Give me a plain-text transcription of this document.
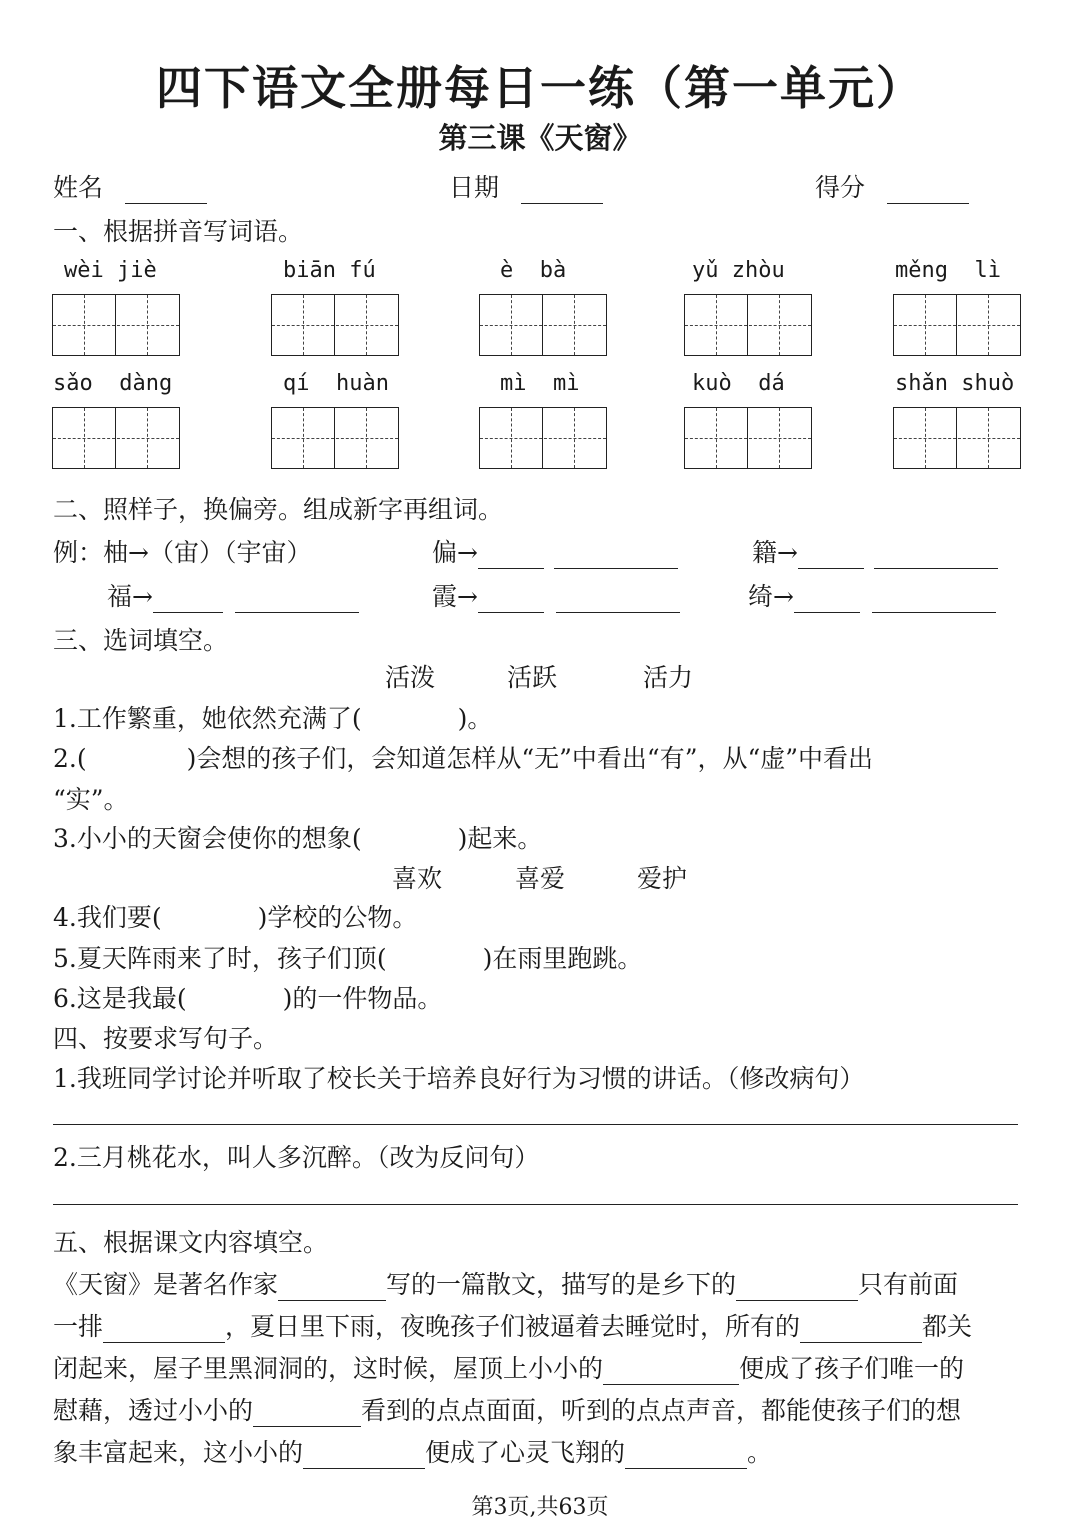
四下语文全册每日一练（第一单元）
第三课《天窗》
姓名	日期	得分
一、根据拼音写词语。
wèi jiè	biān fú	è  bà	yǔ zhòu	měng  lì
sǎo  dàng	qí  huàn	mì  mì	kuò  dá	shǎn shuò
二、照样子，换偏旁。组成新字再组词。
例：柚→（宙）（宇宙）	偏→	籍→
福→	霞→	绮→
三、选词填空。
活泼	活跃	活力
1.工作繁重，她依然充满了(	)。
2.(	)会想的孩子们，会知道怎样从“无”中看出“有”，从“虚”中看出
“实”。
3.小小的天窗会使你的想象(	)起来。
喜欢	喜爱	爱护
4.我们要(	)学校的公物。
5.夏天阵雨来了时，孩子们顶(	)在雨里跑跳。
6.这是我最(	)的一件物品。
四、按要求写句子。
1.我班同学讨论并听取了校长关于培养良好行为习惯的讲话。（修改病句）
2.三月桃花水，叫人多沉醉。（改为反问句）
五、根据课文内容填空。
《天窗》是著名作家	写的一篇散文，描写的是乡下的	只有前面
一排	，夏日里下雨，夜晚孩子们被逼着去睡觉时，所有的	都关
闭起来，屋子里黑洞洞的，这时候，屋顶上小小的	便成了孩子们唯一的
慰藉，透过小小的	看到的点点面面，听到的点点声音，都能使孩子们的想
象丰富起来，这小小的	便成了心灵飞翔的	。
第3页,共63页
